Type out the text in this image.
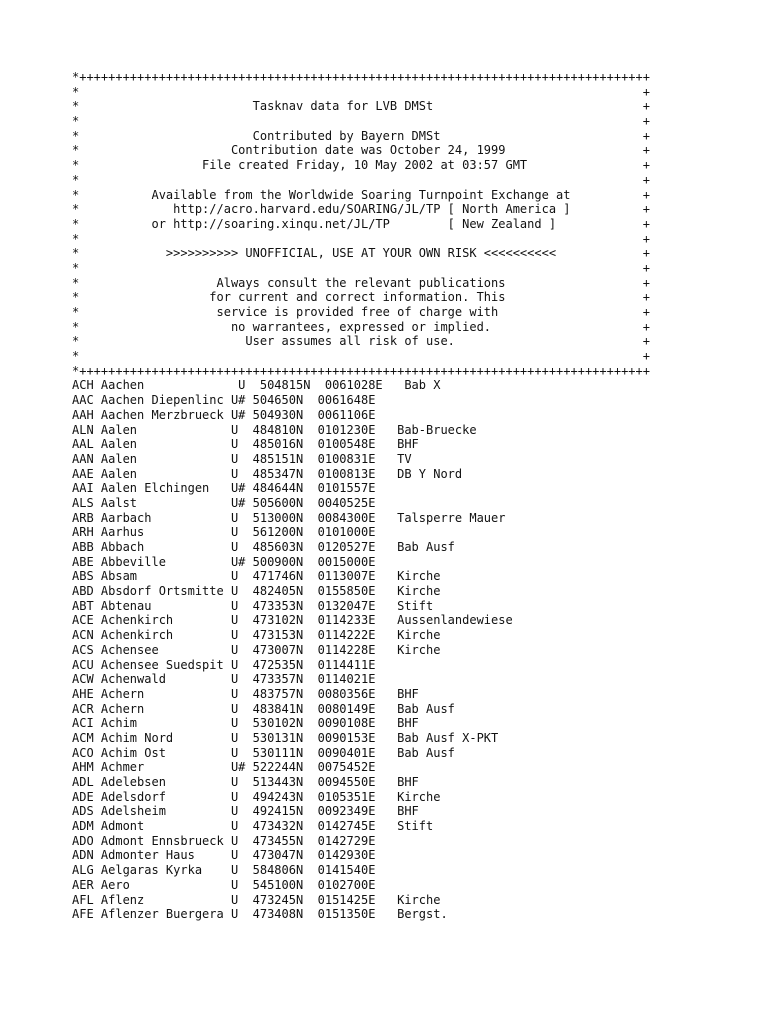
*+++++++++++++++++++++++++++++++++++++++++++++++++++++++++++++++++++++++++++++++
*                                                                              +
*                        Tasknav data for LVB DMSt                             +
*                                                                              +
*                        Contributed by Bayern DMSt                            +
*                     Contribution date was October 24, 1999                   +
*                 File created Friday, 10 May 2002 at 03:57 GMT                +
*                                                                              +
*          Available from the Worldwide Soaring Turnpoint Exchange at          +
*             http://acro.harvard.edu/SOARING/JL/TP [ North America ]          +
*          or http://soaring.xinqu.net/JL/TP        [ New Zealand ]            +
*                                                                              +
*            >>>>>>>>>> UNOFFICIAL, USE AT YOUR OWN RISK <<<<<<<<<<            +
*                                                                              +
*                   Always consult the relevant publications                   +
*                  for current and correct information. This                   +
*                   service is provided free of charge with                    +
*                     no warrantees, expressed or implied.                     +
*                       User assumes all risk of use.                          +
*                                                                              +
*+++++++++++++++++++++++++++++++++++++++++++++++++++++++++++++++++++++++++++++++
ACH Aachen             U  504815N  0061028E   Bab X
AAC Aachen Diepenlinc U# 504650N  0061648E
AAH Aachen Merzbrueck U# 504930N  0061106E
ALN Aalen             U  484810N  0101230E   Bab-Bruecke
AAL Aalen             U  485016N  0100548E   BHF
AAN Aalen             U  485151N  0100831E   TV
AAE Aalen             U  485347N  0100813E   DB Y Nord
AAI Aalen Elchingen   U# 484644N  0101557E
ALS Aalst             U# 505600N  0040525E
ARB Aarbach           U  513000N  0084300E   Talsperre Mauer
ARH Aarhus            U  561200N  0101000E
ABB Abbach            U  485603N  0120527E   Bab Ausf
ABE Abbeville         U# 500900N  0015000E
ABS Absam             U  471746N  0113007E   Kirche
ABD Absdorf Ortsmitte U  482405N  0155850E   Kirche
ABT Abtenau           U  473353N  0132047E   Stift
ACE Achenkirch        U  473102N  0114233E   Aussenlandewiese
ACN Achenkirch        U  473153N  0114222E   Kirche
ACS Achensee          U  473007N  0114228E   Kirche
ACU Achensee Suedspit U  472535N  0114411E
ACW Achenwald         U  473357N  0114021E
AHE Achern            U  483757N  0080356E   BHF
ACR Achern            U  483841N  0080149E   Bab Ausf
ACI Achim             U  530102N  0090108E   BHF
ACM Achim Nord        U  530131N  0090153E   Bab Ausf X-PKT
ACO Achim Ost         U  530111N  0090401E   Bab Ausf
AHM Achmer            U# 522244N  0075452E
ADL Adelebsen         U  513443N  0094550E   BHF
ADE Adelsdorf         U  494243N  0105351E   Kirche
ADS Adelsheim         U  492415N  0092349E   BHF
ADM Admont            U  473432N  0142745E   Stift
ADO Admont Ennsbrueck U  473455N  0142729E
ADN Admonter Haus     U  473047N  0142930E
ALG Aelgaras Kyrka    U  584806N  0141540E
AER Aero              U  545100N  0102700E
AFL Aflenz            U  473245N  0151425E   Kirche
AFE Aflenzer Buergera U  473408N  0151350E   Bergst.
